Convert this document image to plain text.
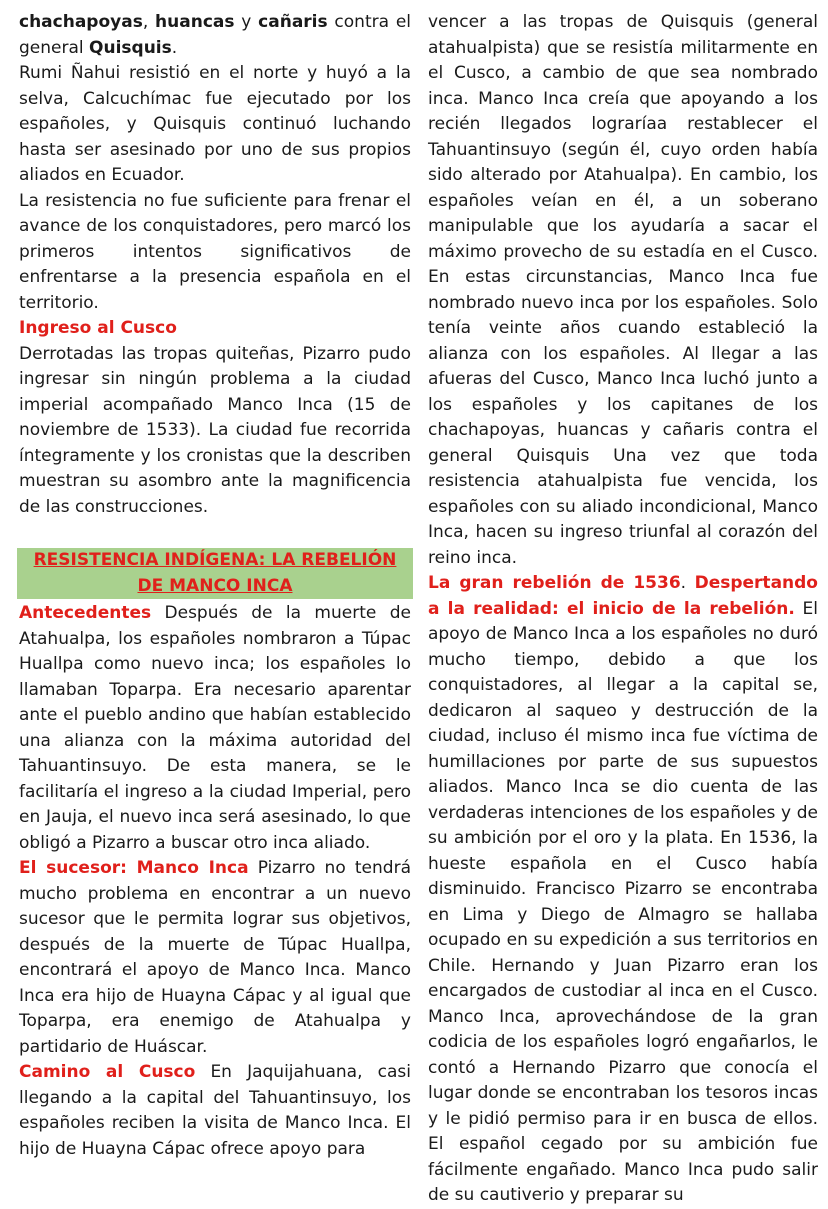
chachapoyas, huancas y cañaris contra el general Quisquis.

Rumi Ñahui resistió en el norte y huyó a la selva, Calcuchímac fue ejecutado por los españoles, y Quisquis continuó luchando hasta ser asesinado por uno de sus propios aliados en Ecuador.

La resistencia no fue suficiente para frenar el avance de los conquistadores, pero marcó los primeros intentos significativos de enfrentarse a la presencia española en el territorio.

Ingreso al Cusco

Derrotadas las tropas quiteñas, Pizarro pudo ingresar sin ningún problema a la ciudad imperial acompañado Manco Inca (15 de noviembre de 1533). La ciudad fue recorrida íntegramente y los cronistas que la describen muestran su asombro ante la magnificencia de las construcciones.

RESISTENCIA INDÍGENA: LA REBELIÓN DE MANCO INCA

Antecedentes Después de la muerte de Atahualpa, los españoles nombraron a Túpac Huallpa como nuevo inca; los españoles lo llamaban Toparpa. Era necesario aparentar ante el pueblo andino que habían establecido una alianza con la máxima autoridad del Tahuantinsuyo. De esta manera, se le facilitaría el ingreso a la ciudad Imperial, pero en Jauja, el nuevo inca será asesinado, lo que obligó a Pizarro a buscar otro inca aliado.

El sucesor: Manco Inca Pizarro no tendrá mucho problema en encontrar a un nuevo sucesor que le permita lograr sus objetivos, después de la muerte de Túpac Huallpa, encontrará el apoyo de Manco Inca. Manco Inca era hijo de Huayna Cápac y al igual que Toparpa, era enemigo de Atahualpa y partidario de Huáscar.

Camino al Cusco En Jaquijahuana, casi llegando a la capital del Tahuantinsuyo, los españoles reciben la visita de Manco Inca. El hijo de Huayna Cápac ofrece apoyo para

vencer a las tropas de Quisquis (general atahualpista) que se resistía militarmente en el Cusco, a cambio de que sea nombrado inca. Manco Inca creía que apoyando a los recién llegados lograríaa restablecer el Tahuantinsuyo (según él, cuyo orden había sido alterado por Atahualpa). En cambio, los españoles veían en él, a un soberano manipulable que los ayudaría a sacar el máximo provecho de su estadía en el Cusco. En estas circunstancias, Manco Inca fue nombrado nuevo inca por los españoles. Solo tenía veinte años cuando estableció la alianza con los españoles. Al llegar a las afueras del Cusco, Manco Inca luchó junto a los españoles y los capitanes de los chachapoyas, huancas y cañaris contra el general Quisquis Una vez que toda resistencia atahualpista fue vencida, los españoles con su aliado incondicional, Manco Inca, hacen su ingreso triunfal al corazón del reino inca.

La gran rebelión de 1536. Despertando a la realidad: el inicio de la rebelión. El apoyo de Manco Inca a los españoles no duró mucho tiempo, debido a que los conquistadores, al llegar a la capital se, dedicaron al saqueo y destrucción de la ciudad, incluso él mismo inca fue víctima de humillaciones por parte de sus supuestos aliados. Manco Inca se dio cuenta de las verdaderas intenciones de los españoles y de su ambición por el oro y la plata. En 1536, la hueste española en el Cusco había disminuido. Francisco Pizarro se encontraba en Lima y Diego de Almagro se hallaba ocupado en su expedición a sus territorios en Chile. Hernando y Juan Pizarro eran los encargados de custodiar al inca en el Cusco. Manco Inca, aprovechándose de la gran codicia de los españoles logró engañarlos, le contó a Hernando Pizarro que conocía el lugar donde se encontraban los tesoros incas y le pidió permiso para ir en busca de ellos. El español cegado por su ambición fue fácilmente engañado. Manco Inca pudo salir de su cautiverio y preparar su
